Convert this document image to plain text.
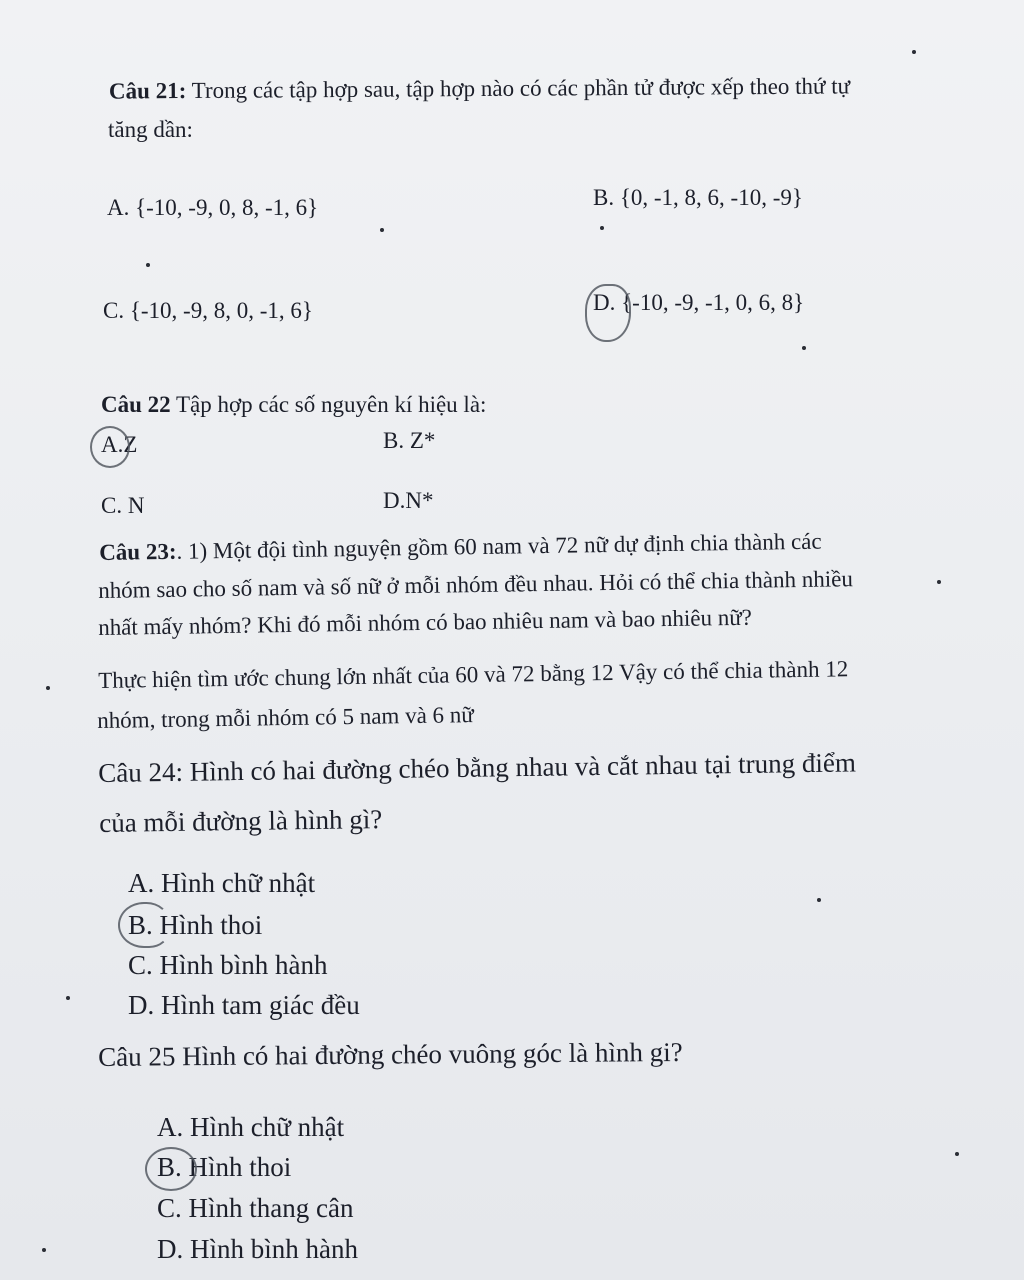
Câu 21: Trong các tập hợp sau, tập hợp nào có các phần tử được xếp theo thứ tự
tăng dần:
A. {-10, -9, 0, 8, -1, 6}	B. {0, -1, 8, 6, -10, -9}
C. {-10, -9, 8, 0, -1, 6}	D. {-10, -9, -1, 0, 6, 8}
Câu 22 Tập hợp các số nguyên kí hiệu là:
A.Z	B. Z*
C. N	D.N*
Câu 23:. 1) Một đội tình nguyện gồm 60 nam và 72 nữ dự định chia thành các
nhóm sao cho số nam và số nữ ở mỗi nhóm đều nhau. Hỏi có thể chia thành nhiều
nhất mấy nhóm? Khi đó mỗi nhóm có bao nhiêu nam và bao nhiêu nữ?
Thực hiện tìm ước chung lớn nhất của 60 và 72 bằng 12 Vậy có thể chia thành 12
nhóm, trong mỗi nhóm có 5 nam và 6 nữ
Câu 24: Hình có hai đường chéo bằng nhau và cắt nhau tại trung điểm
của mỗi đường là hình gì?
A. Hình chữ nhật
B. Hình thoi
C. Hình bình hành
D. Hình tam giác đều
Câu 25 Hình có hai đường chéo vuông góc là hình gi?
A. Hình chữ nhật
B. Hình thoi
C. Hình thang cân
D. Hình bình hành
